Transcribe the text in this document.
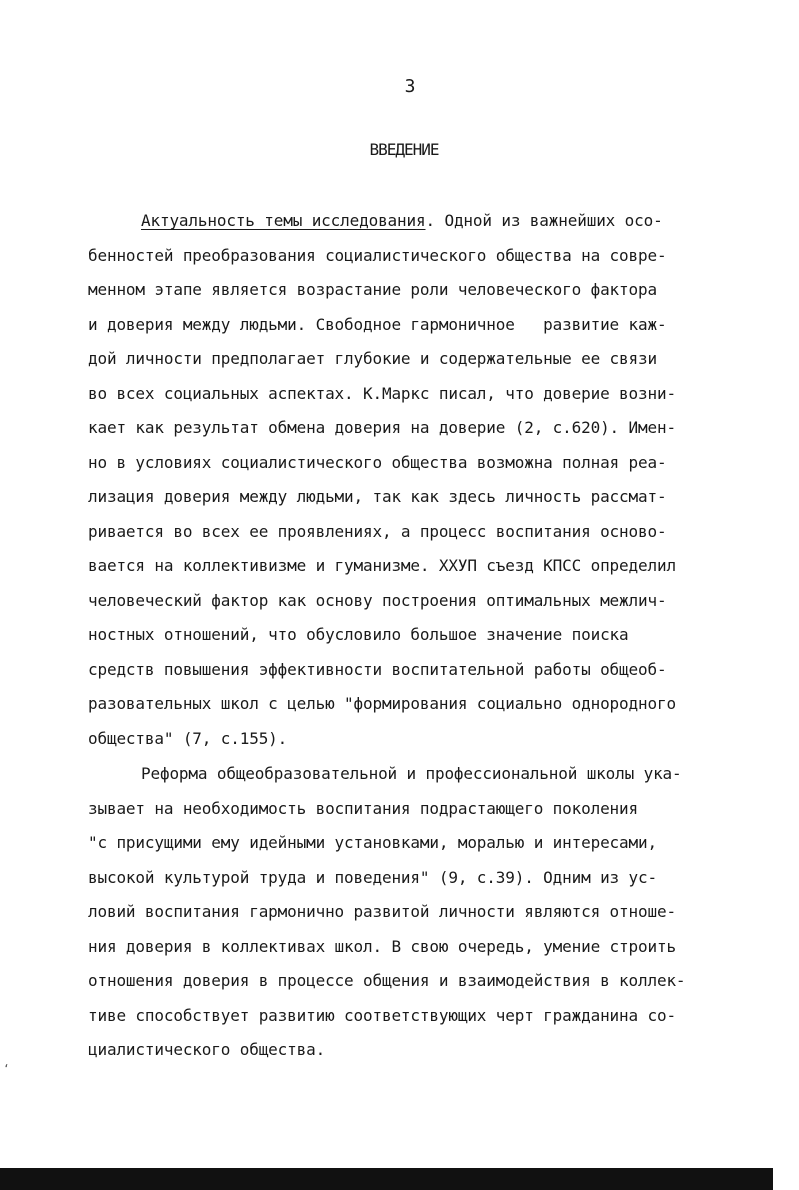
3
ВВЕДЕНИЕ
Актуальность темы исследования. Одной из важнейших осо-
бенностей преобразования социалистического общества на совре-
менном этапе является возрастание роли человеческого фактора
и доверия между людьми. Свободное гармоничное   развитие каж-
дой личности предполагает глубокие и содержательные ее связи
во всех социальных аспектах. К.Маркс писал, что доверие возни-
кает как результат обмена доверия на доверие (2, с.620). Имен-
но в условиях социалистического общества возможна полная реа-
лизация доверия между людьми, так как здесь личность рассмат-
ривается во всех ее проявлениях, а процесс воспитания осново-
вается на коллективизме и гуманизме. ХХУП съезд КПСС определил
человеческий фактор как основу построения оптимальных межлич-
ностных отношений, что обусловило большое значение поиска
средств повышения эффективности воспитательной работы общеоб-
разовательных школ с целью "формирования социально однородного
общества" (7, с.155).
Реформа общеобразовательной и профессиональной школы ука-
зывает на необходимость воспитания подрастающего поколения
"с присущими ему идейными установками, моралью и интересами,
высокой культурой труда и поведения" (9, с.39). Одним из ус-
ловий воспитания гармонично развитой личности являются отноше-
ния доверия в коллективах школ. В свою очередь, умение строить
отношения доверия в процессе общения и взаимодействия в коллек-
тиве способствует развитию соответствующих черт гражданина со-
циалистического общества.
‘
